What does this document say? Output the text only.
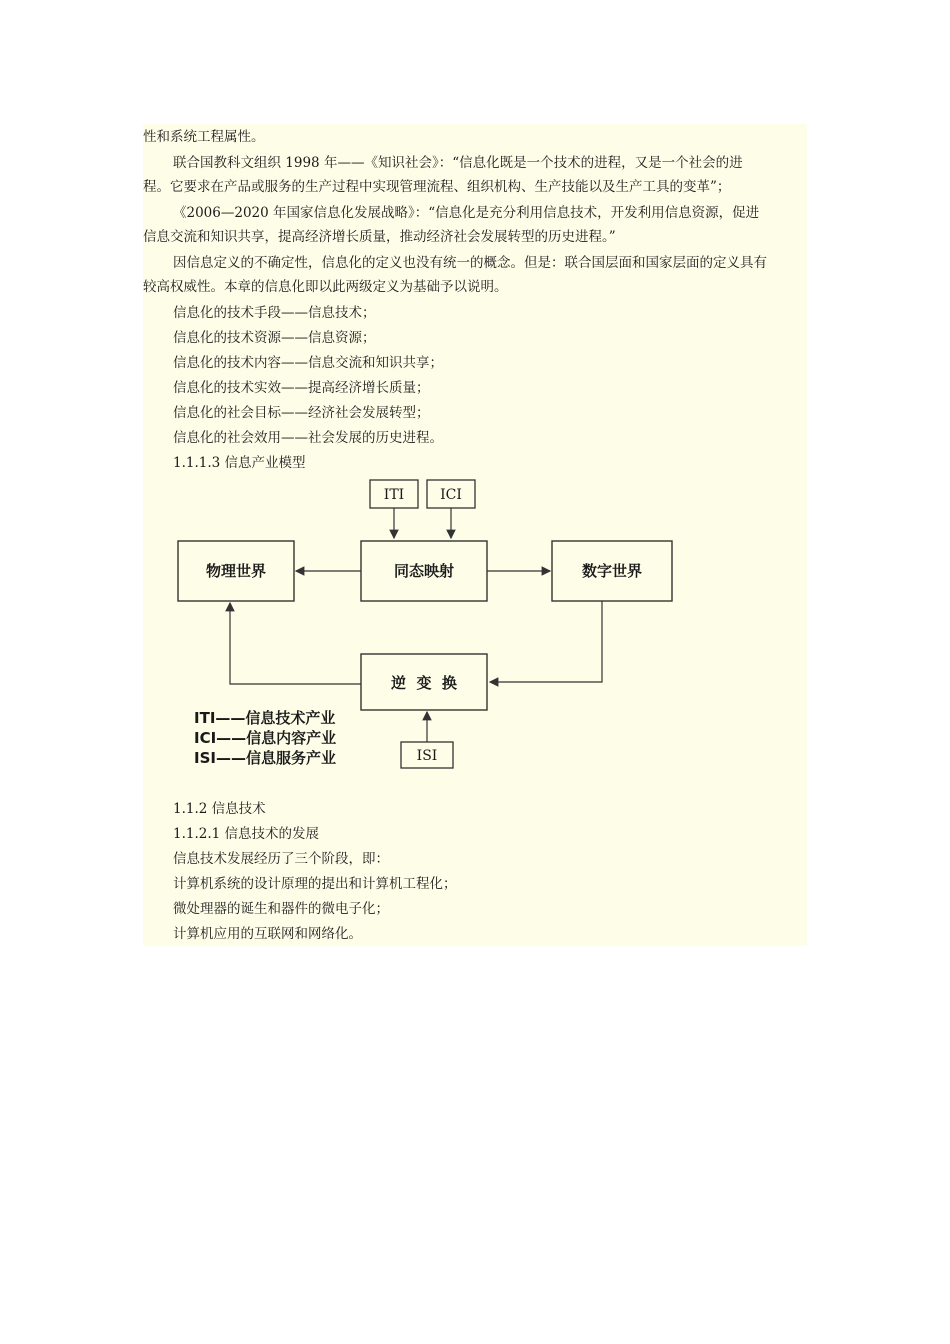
性和系统工程属性。
联合国教科文组织 1998 年——《知识社会》：“信息化既是一个技术的进程，又是一个社会的进
程。它要求在产品或服务的生产过程中实现管理流程、组织机构、生产技能以及生产工具的变革”；
《2006—2020 年国家信息化发展战略》：“信息化是充分利用信息技术，开发利用信息资源，促进
信息交流和知识共享，提高经济增长质量，推动经济社会发展转型的历史进程。”
因信息定义的不确定性，信息化的定义也没有统一的概念。但是：联合国层面和国家层面的定义具有
较高权威性。本章的信息化即以此两级定义为基础予以说明。
信息化的技术手段——信息技术；
信息化的技术资源——信息资源；
信息化的技术内容——信息交流和知识共享；
信息化的技术实效——提高经济增长质量；
信息化的社会目标——经济社会发展转型；
信息化的社会效用——社会发展的历史进程。
1.1.1.3 信息产业模型
ITI	ICI
物理世界	同态映射	数字世界
逆  变  换
ISI
ITI——信息技术产业
ICI——信息内容产业
ISI——信息服务产业
1.1.2 信息技术
1.1.2.1 信息技术的发展
信息技术发展经历了三个阶段，即：
计算机系统的设计原理的提出和计算机工程化；
微处理器的诞生和器件的微电子化；
计算机应用的互联网和网络化。
